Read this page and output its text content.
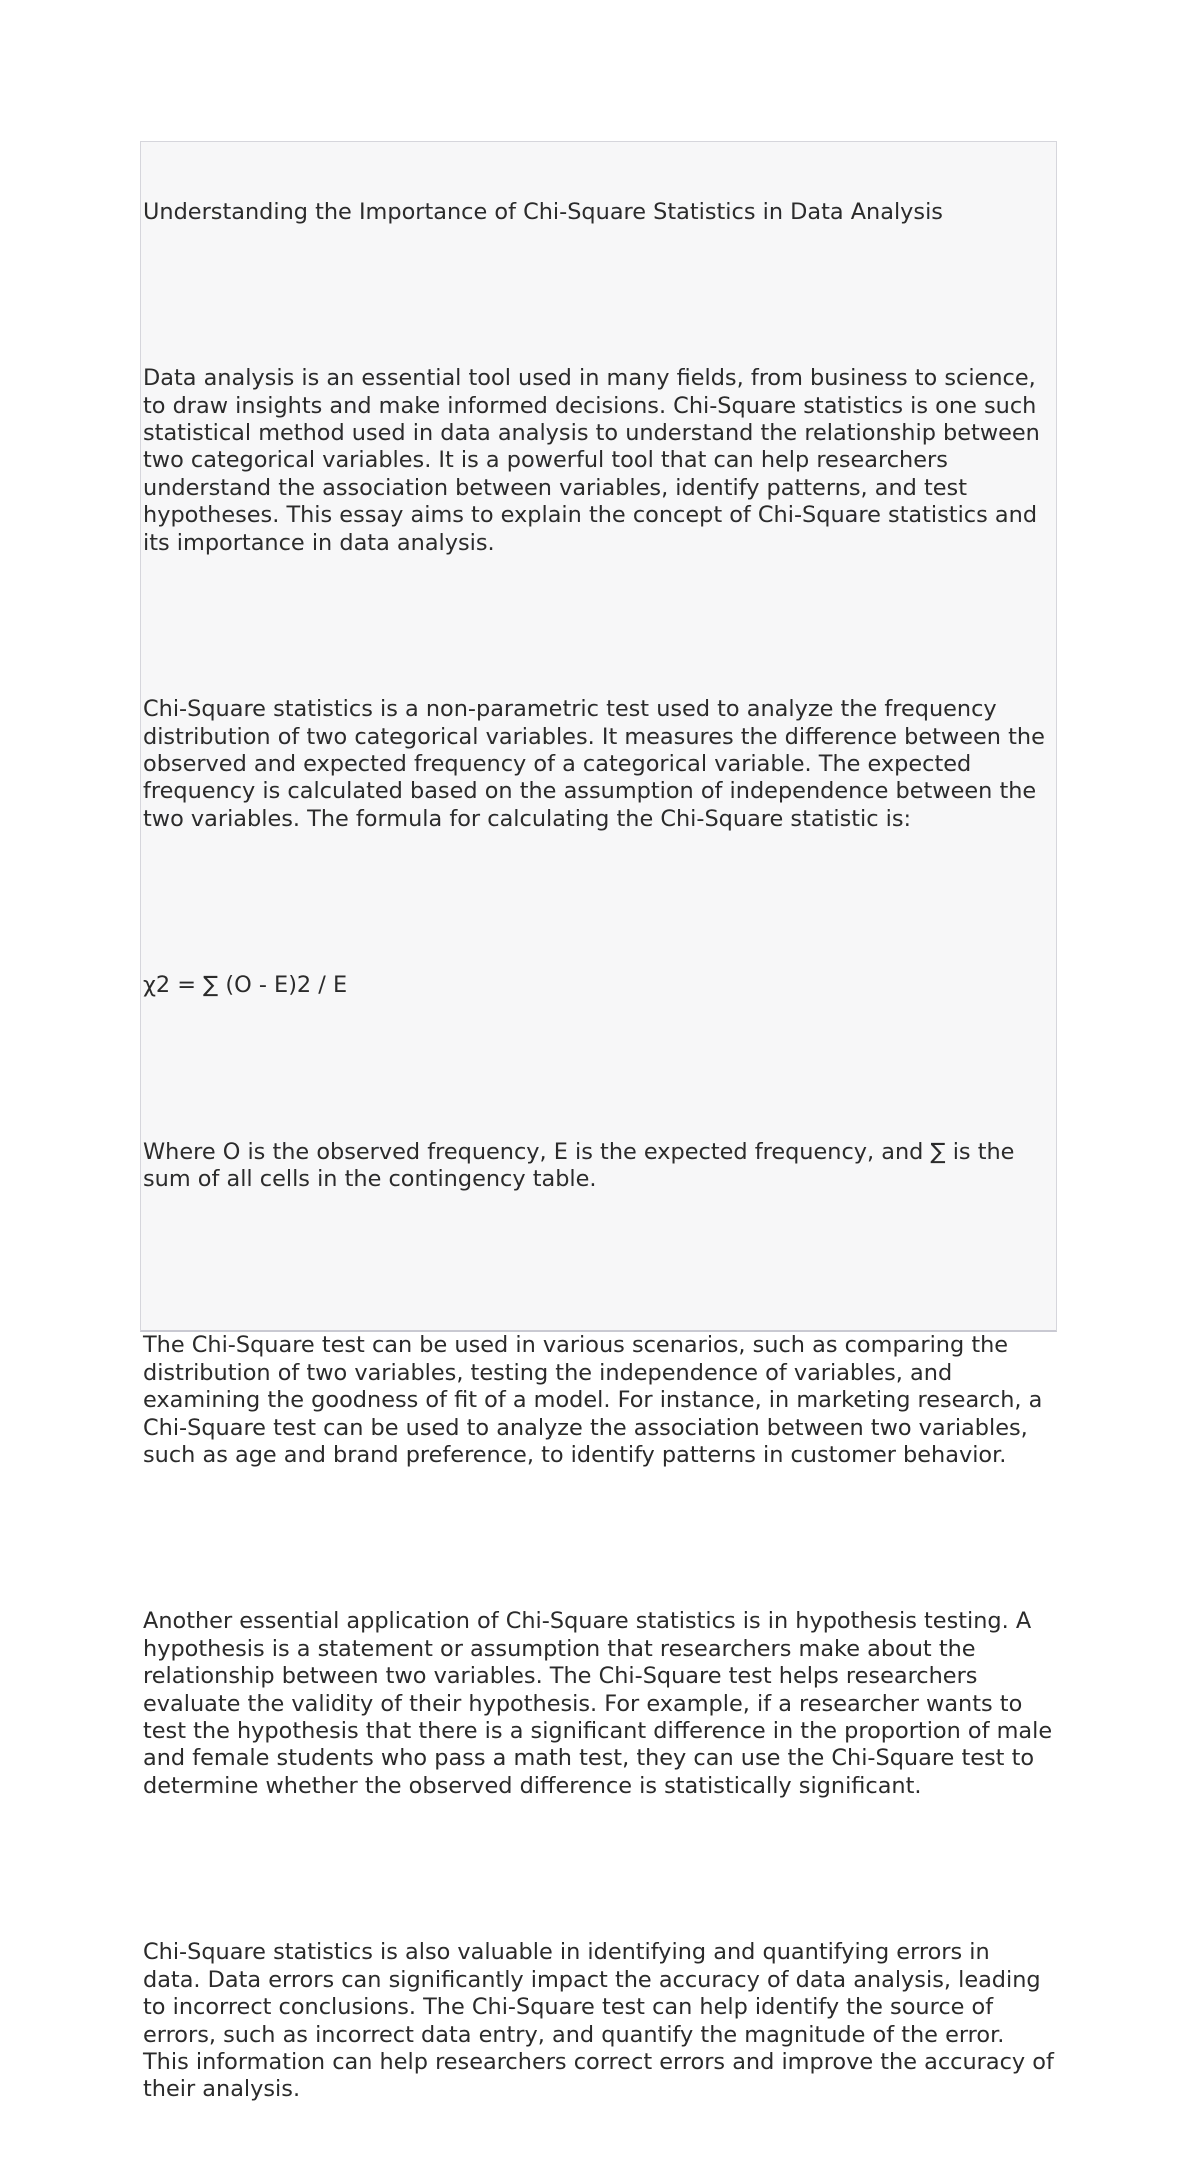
Understanding the Importance of Chi-Square Statistics in Data Analysis

Data analysis is an essential tool used in many fields, from business to science, to draw insights and make informed decisions. Chi-Square statistics is one such statistical method used in data analysis to understand the relationship between two categorical variables. It is a powerful tool that can help researchers understand the association between variables, identify patterns, and test hypotheses. This essay aims to explain the concept of Chi-Square statistics and its importance in data analysis.

Chi-Square statistics is a non-parametric test used to analyze the frequency distribution of two categorical variables. It measures the difference between the observed and expected frequency of a categorical variable. The expected frequency is calculated based on the assumption of independence between the two variables. The formula for calculating the Chi-Square statistic is:

χ2 = ∑ (O - E)2 / E

Where O is the observed frequency, E is the expected frequency, and ∑ is the sum of all cells in the contingency table.

The Chi-Square test can be used in various scenarios, such as comparing the distribution of two variables, testing the independence of variables, and examining the goodness of fit of a model. For instance, in marketing research, a Chi-Square test can be used to analyze the association between two variables, such as age and brand preference, to identify patterns in customer behavior.

Another essential application of Chi-Square statistics is in hypothesis testing. A hypothesis is a statement or assumption that researchers make about the relationship between two variables. The Chi-Square test helps researchers evaluate the validity of their hypothesis. For example, if a researcher wants to test the hypothesis that there is a significant difference in the proportion of male and female students who pass a math test, they can use the Chi-Square test to determine whether the observed difference is statistically significant.

Chi-Square statistics is also valuable in identifying and quantifying errors in data. Data errors can significantly impact the accuracy of data analysis, leading to incorrect conclusions. The Chi-Square test can help identify the source of errors, such as incorrect data entry, and quantify the magnitude of the error. This information can help researchers correct errors and improve the accuracy of their analysis.
